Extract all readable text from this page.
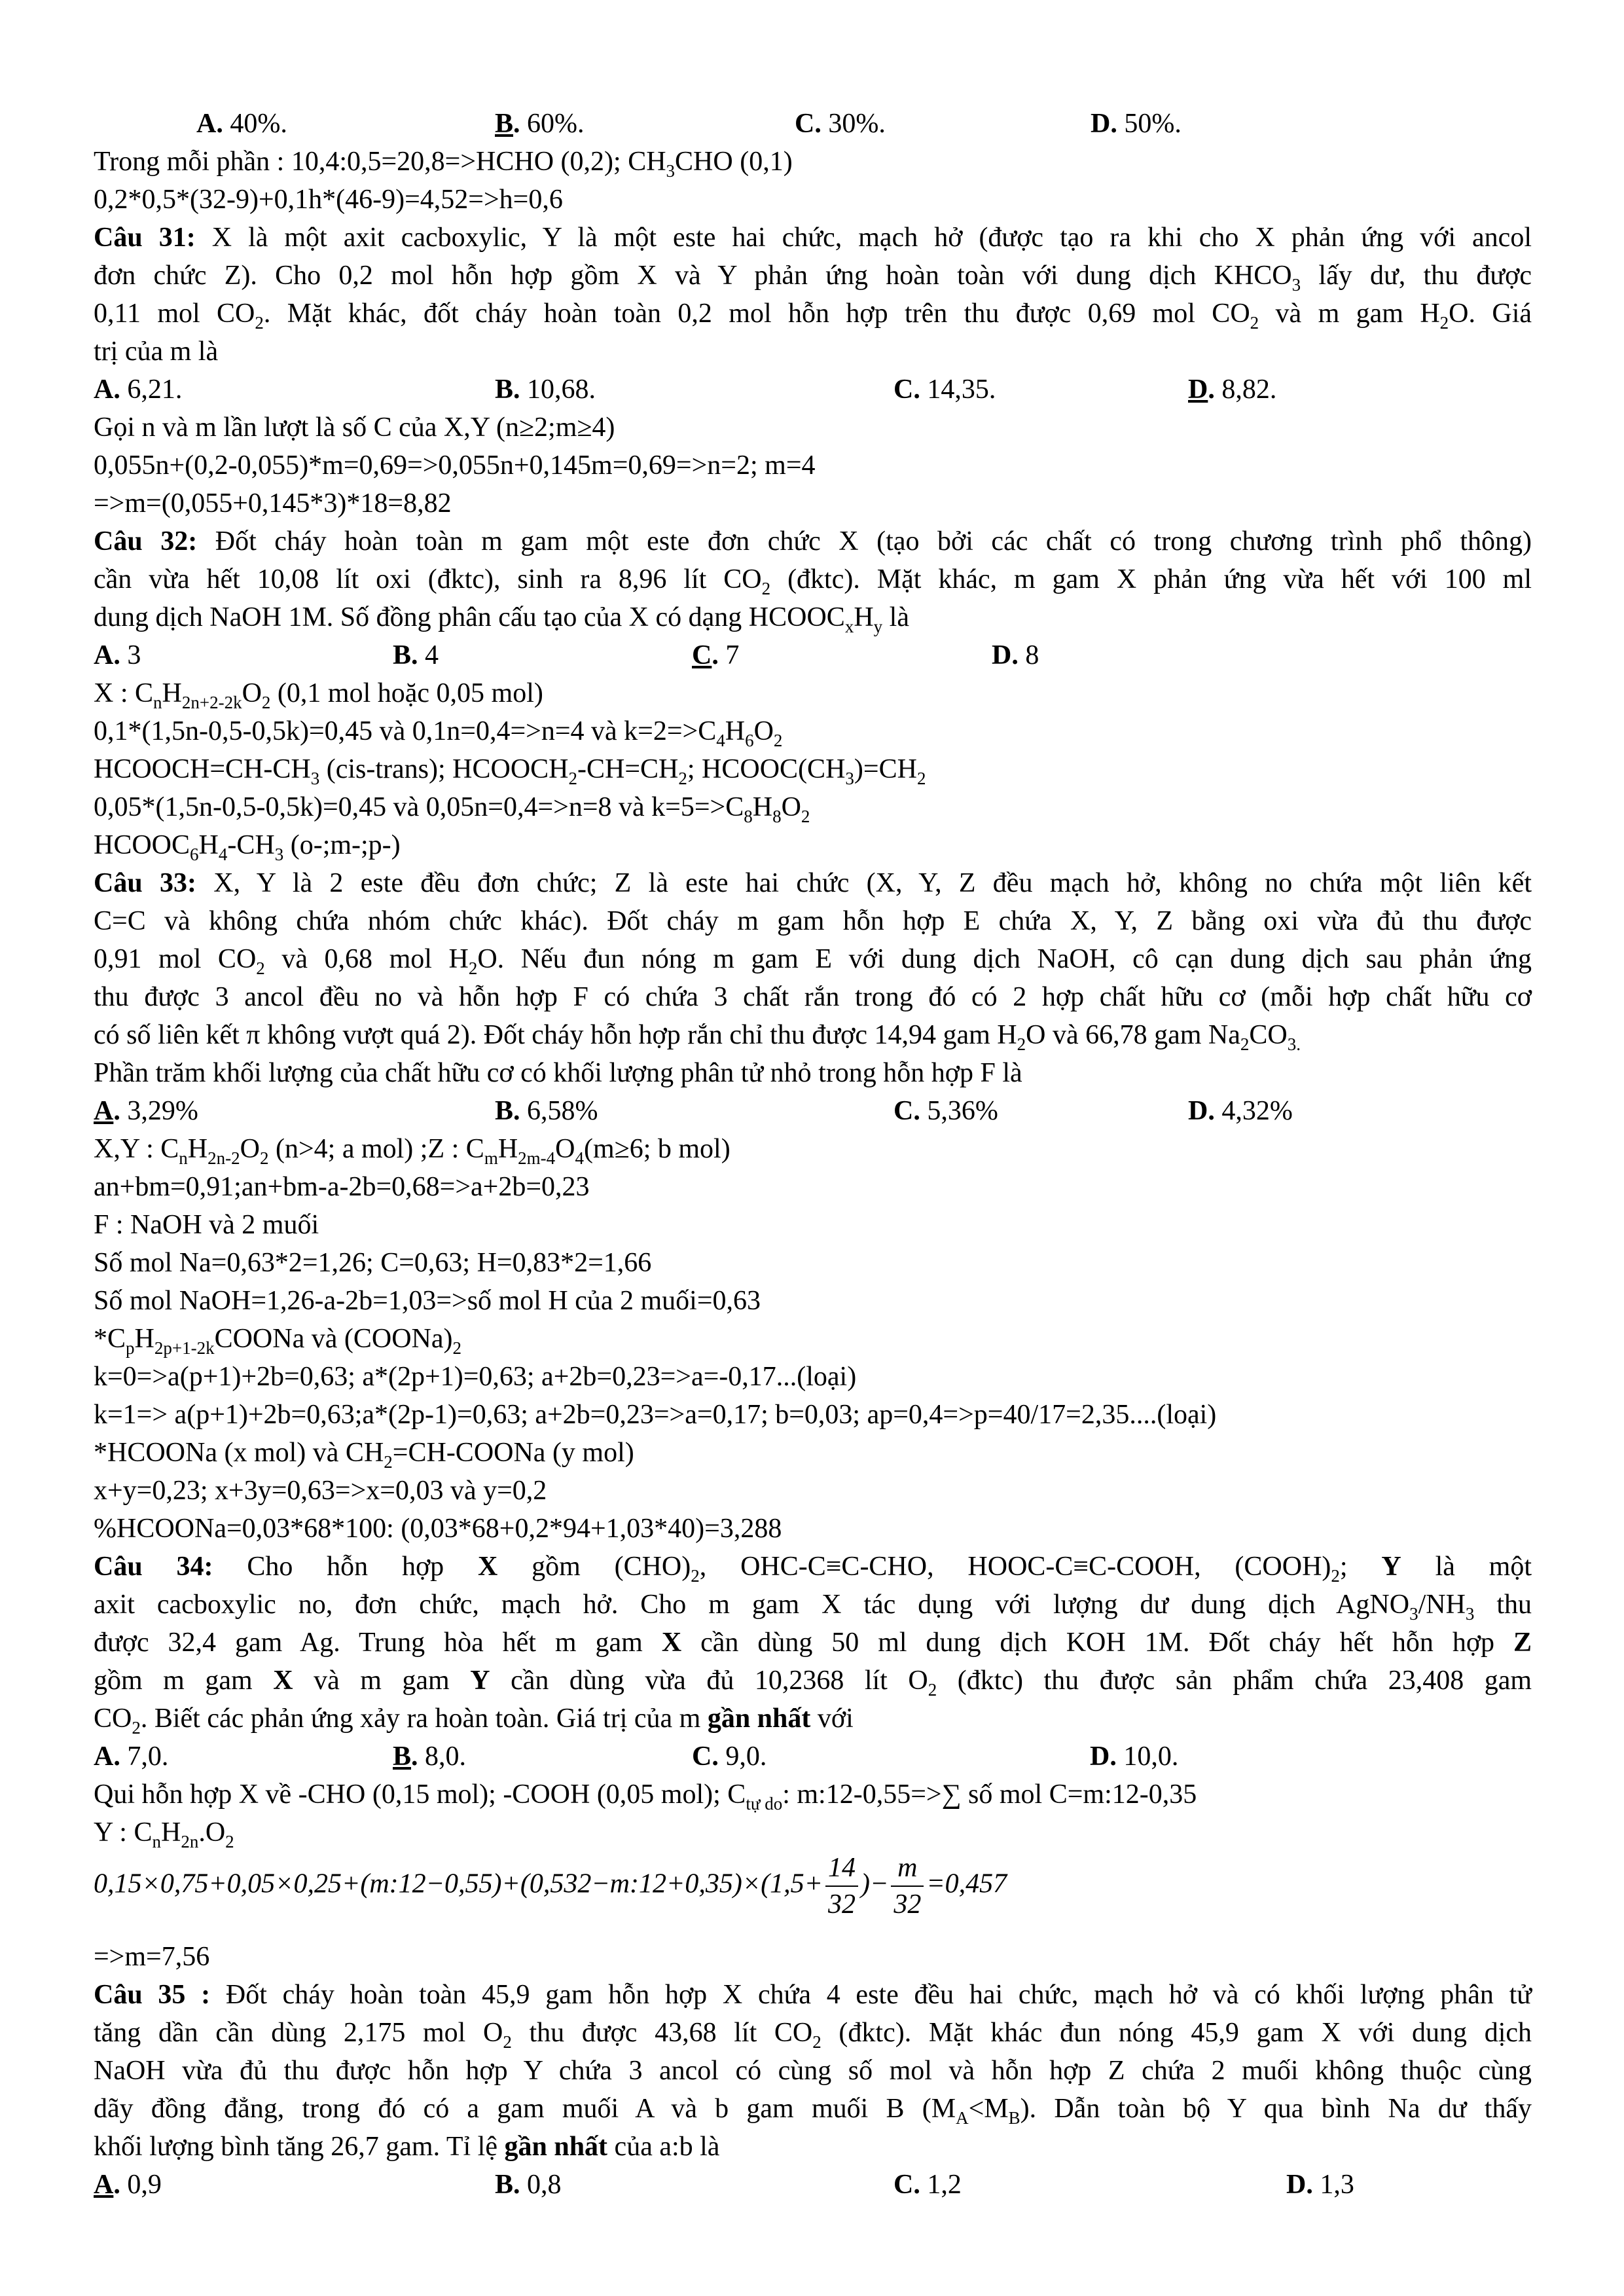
A. 40%.	B. 60%.	C. 30%.	D. 50%.
Trong mỗi phần : 10,4:0,5=20,8=>HCHO (0,2); $CH_3CHO$ (0,1)
0,2*0,5*(32-9)+0,1h*(46-9)=4,52=>h=0,6
Câu 31: X là một axit cacboxylic, Y là một este hai chức, mạch hở (được tạo ra khi cho X phản ứng với ancol
đơn chức Z). Cho 0,2 mol hỗn hợp gồm X và Y phản ứng hoàn toàn với dung dịch $KHCO_3$ lấy dư, thu được
0,11 mol $CO_2$. Mặt khác, đốt cháy hoàn toàn 0,2 mol hỗn hợp trên thu được 0,69 mol $CO_2$ và m gam $H_2O$. Giá
trị của m là
A. 6,21.	B. 10,68.	C. 14,35.	D. 8,82.
Gọi n và m lần lượt là số C của X,Y (n≥2;m≥4)
0,055n+(0,2-0,055)*m=0,69=>0,055n+0,145m=0,69=>n=2; m=4
=>m=(0,055+0,145*3)*18=8,82
Câu 32: Đốt cháy hoàn toàn m gam một este đơn chức X (tạo bởi các chất có trong chương trình phổ thông)
cần vừa hết 10,08 lít oxi (đktc), sinh ra 8,96 lít $CO_2$ (đktc). Mặt khác, m gam X phản ứng vừa hết với 100 ml
dung dịch NaOH 1M. Số đồng phân cấu tạo của X có dạng $HCOOC_xH_y$ là
A. 3	B. 4	C. 7	D. 8
X : $C_nH_{2n+2-2k}O_2$ (0,1 mol hoặc 0,05 mol)
0,1*(1,5n-0,5-0,5k)=0,45 và 0,1n=0,4=>n=4 và $k=2=>C_4H_6O_2$
$HCOOCH=CH-CH_3$ (cis-trans); $HCOOCH_2-CH=CH_2$; $HCOOC(CH_3)=CH_2$
0,05*(1,5n-0,5-0,5k)=0,45 và 0,05n=0,4=>n=8 và $k=5=>C_8H_8O_2$
$HCOOC_6H_4-CH_3$ (o-;m-;p-)
Câu 33: X, Y là 2 este đều đơn chức; Z là este hai chức (X, Y, Z đều mạch hở, không no chứa một liên kết
C=C và không chứa nhóm chức khác). Đốt cháy m gam hỗn hợp E chứa X, Y, Z bằng oxi vừa đủ thu được
0,91 mol $CO_2$ và 0,68 mol $H_2O$. Nếu đun nóng m gam E với dung dịch NaOH, cô cạn dung dịch sau phản ứng
thu được 3 ancol đều no và hỗn hợp F có chứa 3 chất rắn trong đó có 2 hợp chất hữu cơ (mỗi hợp chất hữu cơ
có số liên kết π không vượt quá 2). Đốt cháy hỗn hợp rắn chỉ thu được 14,94 gam $H_2O$ và 66,78 gam $Na_2CO_{3.}$
Phần trăm khối lượng của chất hữu cơ có khối lượng phân tử nhỏ trong hỗn hợp F là
A. 3,29%	B. 6,58%	C. 5,36%	D. 4,32%
X,Y : $C_nH_{2n-2}O_2$ (n>4; a mol) ;Z : $C_mH_{2m-4}O_4(m\ge 6$; b mol)
an+bm=0,91;an+bm-a-2b=0,68=>a+2b=0,23
F : NaOH và 2 muối
Số mol Na=0,63*2=1,26; C=0,63; H=0,83*2=1,66
Số mol NaOH=1,26-a-2b=1,03=>số mol H của 2 muối=0,63
$*C_pH_{2p+1-2k}COONa$ và $(COONa)_2$
k=0=>a(p+1)+2b=0,63; a*(2p+1)=0,63; a+2b=0,23=>a=-0,17...(loại)
k=1=> a(p+1)+2b=0,63;a*(2p-1)=0,63; a+2b=0,23=>a=0,17; b=0,03; ap=0,4=>p=40/17=2,35....(loại)
*HCOONa (x mol) và $CH_2=CH$-COONa (y mol)
x+y=0,23; x+3y=0,63=>x=0,03 và y=0,2
%HCOONa=0,03*68*100: (0,03*68+0,2*94+1,03*40)=3,288
Câu 34: Cho hỗn hợp X gồm $(CHO)_2$, OHC-C≡C-CHO, HOOC-C≡C-COOH, $(COOH)_2$; Y là một
axit cacboxylic no, đơn chức, mạch hở. Cho m gam X tác dụng với lượng dư dung dịch $AgNO_3/NH_3$ thu
được 32,4 gam Ag. Trung hòa hết m gam X cần dùng 50 ml dung dịch KOH 1M. Đốt cháy hết hỗn hợp Z
gồm m gam X và m gam Y cần dùng vừa đủ 10,2368 lít $O_2$ (đktc) thu được sản phẩm chứa 23,408 gam
$CO_2$. Biết các phản ứng xảy ra hoàn toàn. Giá trị của m gần nhất với
A. 7,0.	B. 8,0.	C. 9,0.	D. 10,0.
Qui hỗn hợp X về -CHO (0,15 mol); -COOH (0,05 mol); $C_{tự do}$: m:12-0,55=>∑ số mol C=m:12-0,35
Y : $C_nH_{2n}.O_2$
0,15×0,75+0,05×0,25+(m:12−0,55)+(0,532−m:12+0,35)×(1,5+ $\frac{14}{32}$ )− $\frac{m}{32} =0,457$
=>m=7,56
Câu 35 : Đốt cháy hoàn toàn 45,9 gam hỗn hợp X chứa 4 este đều hai chức, mạch hở và có khối lượng phân tử
tăng dần cần dùng 2,175 mol $O_2$ thu được 43,68 lít $CO_2$ (đktc). Mặt khác đun nóng 45,9 gam X với dung dịch
NaOH vừa đủ thu được hỗn hợp Y chứa 3 ancol có cùng số mol và hỗn hợp Z chứa 2 muối không thuộc cùng
dãy đồng đẳng, trong đó có a gam muối A và b gam muối B $(M_A<M_B)$. Dẫn toàn bộ Y qua bình Na dư thấy
khối lượng bình tăng 26,7 gam. Tỉ lệ gần nhất của a:b là
A. 0,9	B. 0,8	C. 1,2	D. 1,3
